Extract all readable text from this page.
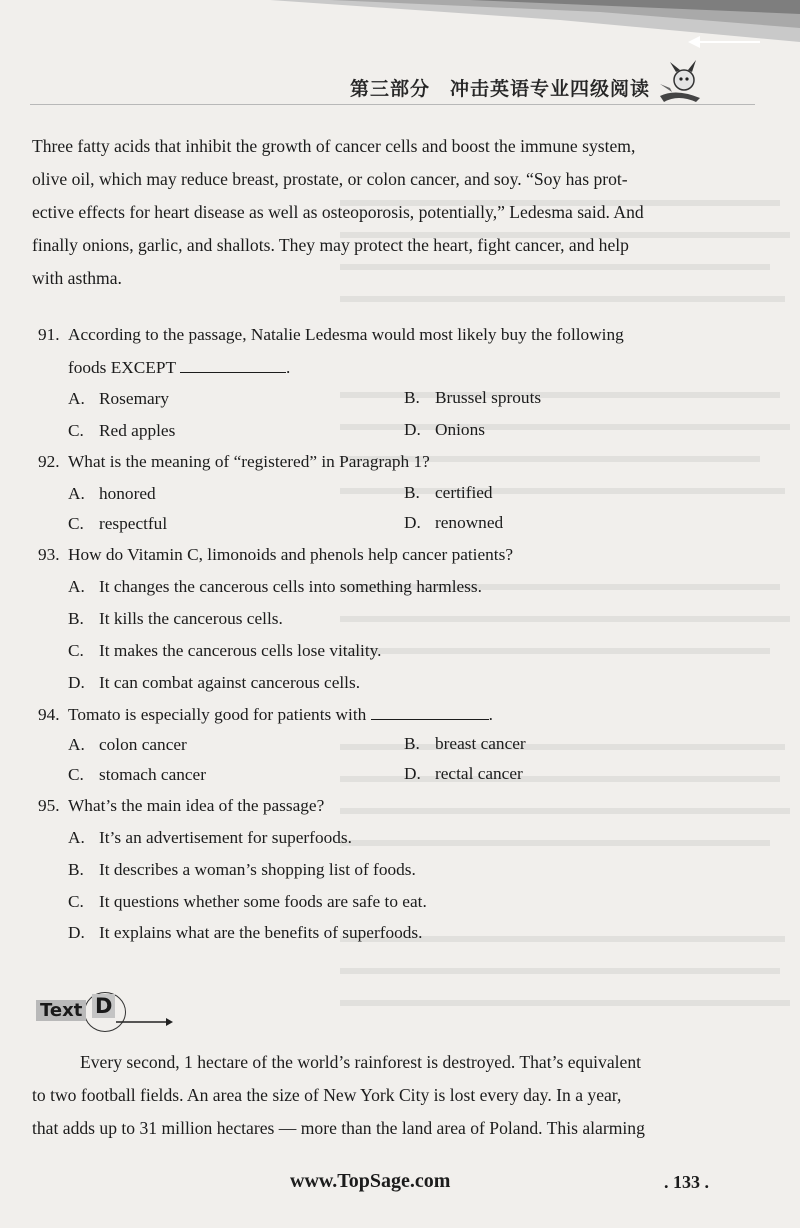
第三部分　冲击英语专业四级阅读

Three fatty acids that inhibit the growth of cancer cells and boost the immune system,

olive oil, which may reduce breast, prostate, or colon cancer, and soy. “Soy has prot-

ective effects for heart disease as well as osteoporosis, potentially,” Ledesma said. And

finally onions, garlic, and shallots. They may protect the heart, fight cancer, and help

with asthma.

91. According to the passage, Natalie Ledesma would most likely buy the following
foods EXCEPT	.
A. Rosemary	B. Brussel sprouts
C. Red apples	D. Onions
92. What is the meaning of “registered” in Paragraph 1?
A. honored	B. certified
C. respectful	D. renowned
93. How do Vitamin C, limonoids and phenols help cancer patients?
A. It changes the cancerous cells into something harmless.
B. It kills the cancerous cells.
C. It makes the cancerous cells lose vitality.
D. It can combat against cancerous cells.
94. Tomato is especially good for patients with	.
A. colon cancer	B. breast cancer
C. stomach cancer	D. rectal cancer
95. What’s the main idea of the passage?
A. It’s an advertisement for superfoods.
B. It describes a woman’s shopping list of foods.
C. It questions whether some foods are safe to eat.
D. It explains what are the benefits of superfoods.
Text D

Every second, 1 hectare of the world’s rainforest is destroyed. That’s equivalent

to two football fields. An area the size of New York City is lost every day. In a year,

that adds up to 31 million hectares — more than the land area of Poland. This alarming

www.TopSage.com	. 133 .
